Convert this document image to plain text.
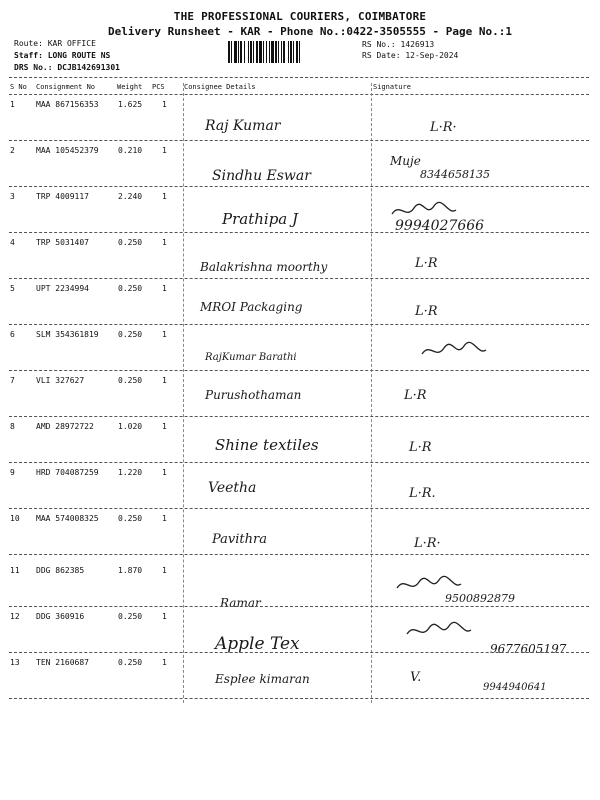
THE PROFESSIONAL COURIERS, COIMBATORE
Delivery Runsheet - KAR - Phone No.:0422-3505555 - Page No.:1
Route: KAR OFFICE
Staff: LONG ROUTE NS
DRS No.: DCJB142691301
RS No.: 1426913
RS Date: 12-Sep-2024
S No Consignment No	Weight PCS	Consignee Details	Signature
1	MAA 867156353 1.625 1
Raj Kumar	L·R·
2	MAA 105452379 0.210 1
Sindhu Eswar
Muje
8344658135
3	TRP 4009117	2.240 1
Prathipa J	9994027666
4	TRP 5031407	0.250 1
Balakrishna moorthy	L·R
5	UPT 2234994	0.250 1
MROI Packaging	L·R
6	SLM 354361819 0.250 1
RajKumar Barathi
7	VLI 327627	0.250 1
Purushothaman	L·R
8	AMD 28972722	1.020 1
Shine textiles	L·R
9	HRD 704087259 1.220 1
Veetha	L·R.
10 MAA 574008325 0.250 1
Pavithra	L·R·
11 DDG 862385	1.870 1
Ramar	9500892879
12 DDG 360916	0.250 1
Apple Tex	9677605197
13 TEN 2160687	0.250 1
Esplee kimaran	V.
9944940641
